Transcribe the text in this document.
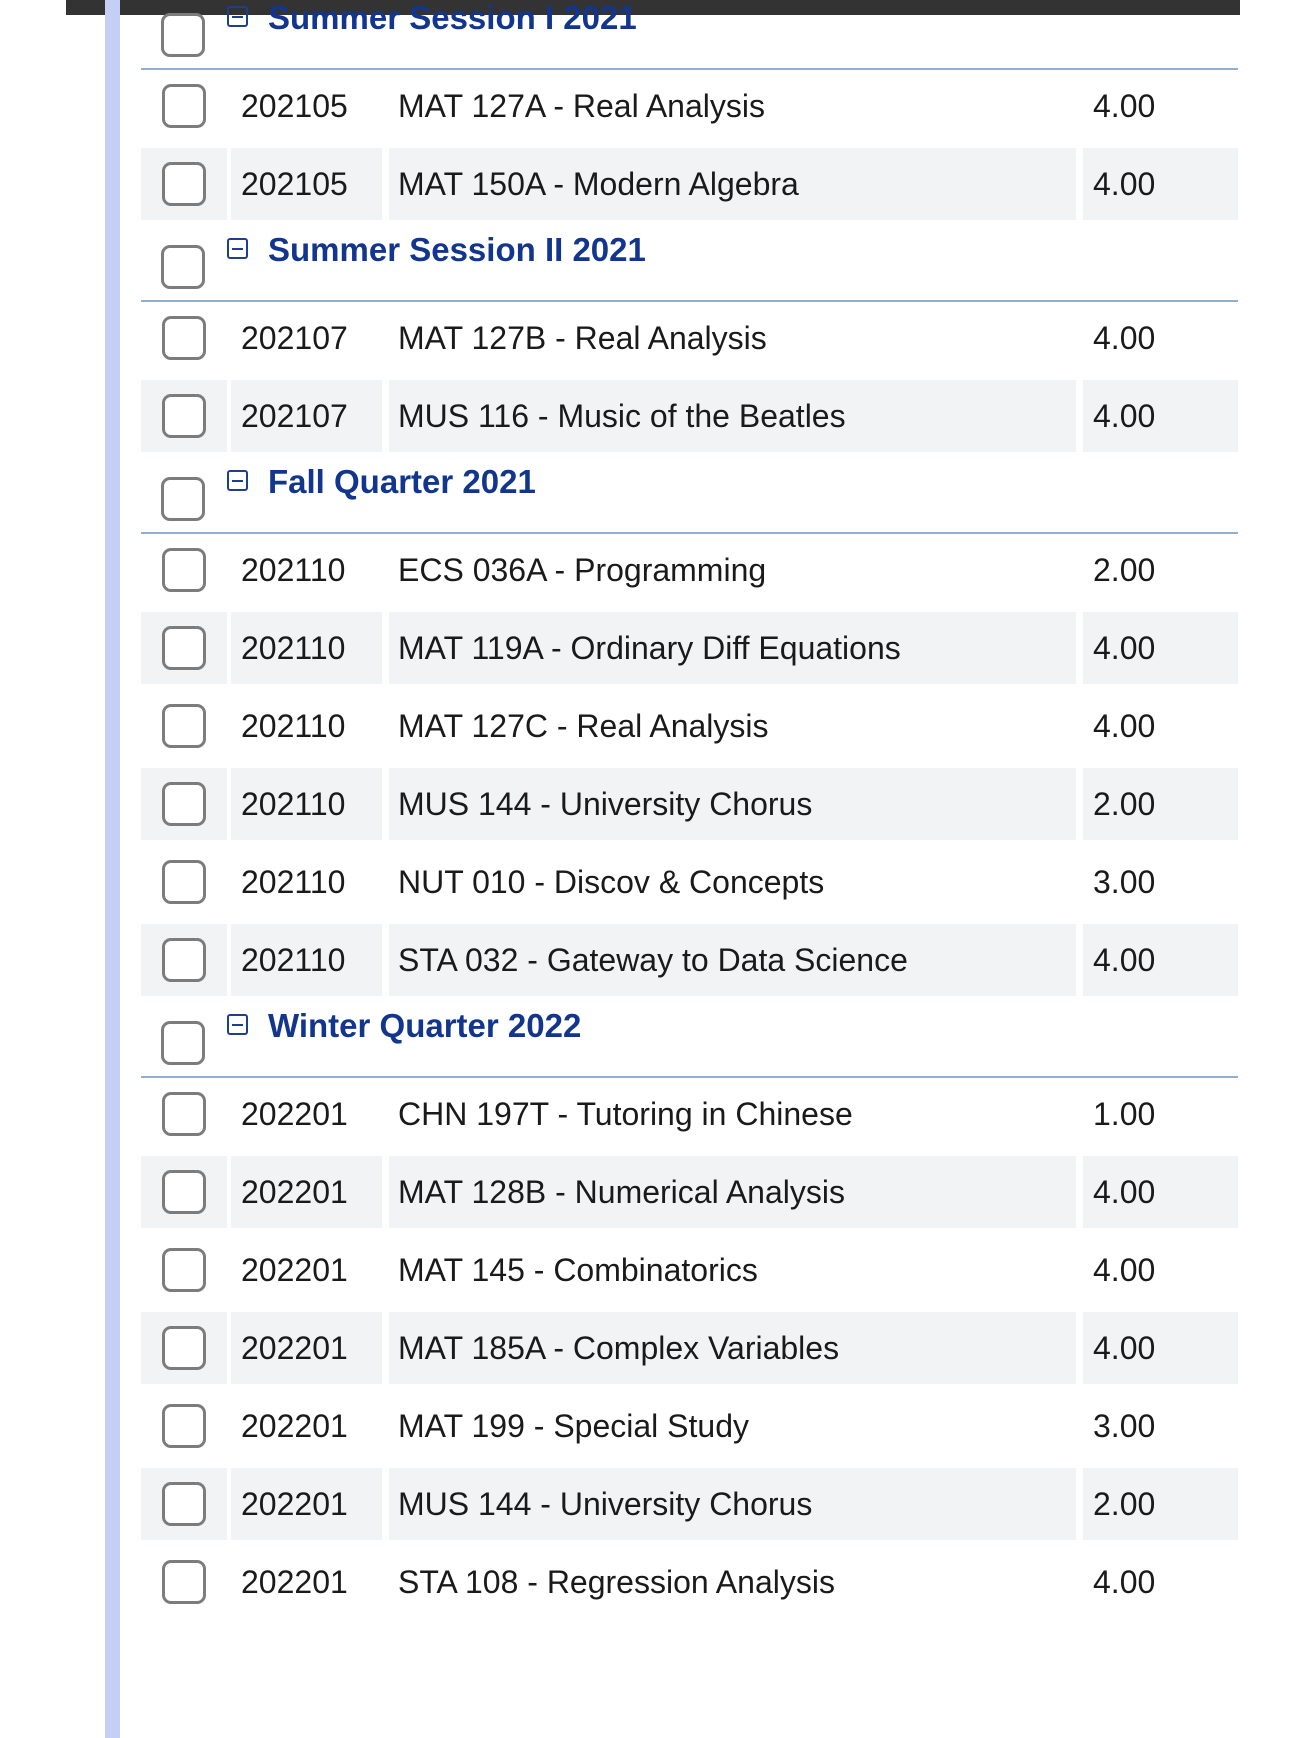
Summer Session I 2021
202105	MAT 127A - Real Analysis	4.00
202105	MAT 150A - Modern Algebra	4.00
Summer Session II 2021
202107	MAT 127B - Real Analysis	4.00
202107	MUS 116 - Music of the Beatles	4.00
Fall Quarter 2021
202110	ECS 036A - Programming	2.00
202110	MAT 119A - Ordinary Diff Equations	4.00
202110	MAT 127C - Real Analysis	4.00
202110	MUS 144 - University Chorus	2.00
202110	NUT 010 - Discov & Concepts	3.00
202110	STA 032 - Gateway to Data Science	4.00
Winter Quarter 2022
202201	CHN 197T - Tutoring in Chinese	1.00
202201	MAT 128B - Numerical Analysis	4.00
202201	MAT 145 - Combinatorics	4.00
202201	MAT 185A - Complex Variables	4.00
202201	MAT 199 - Special Study	3.00
202201	MUS 144 - University Chorus	2.00
202201	STA 108 - Regression Analysis	4.00
